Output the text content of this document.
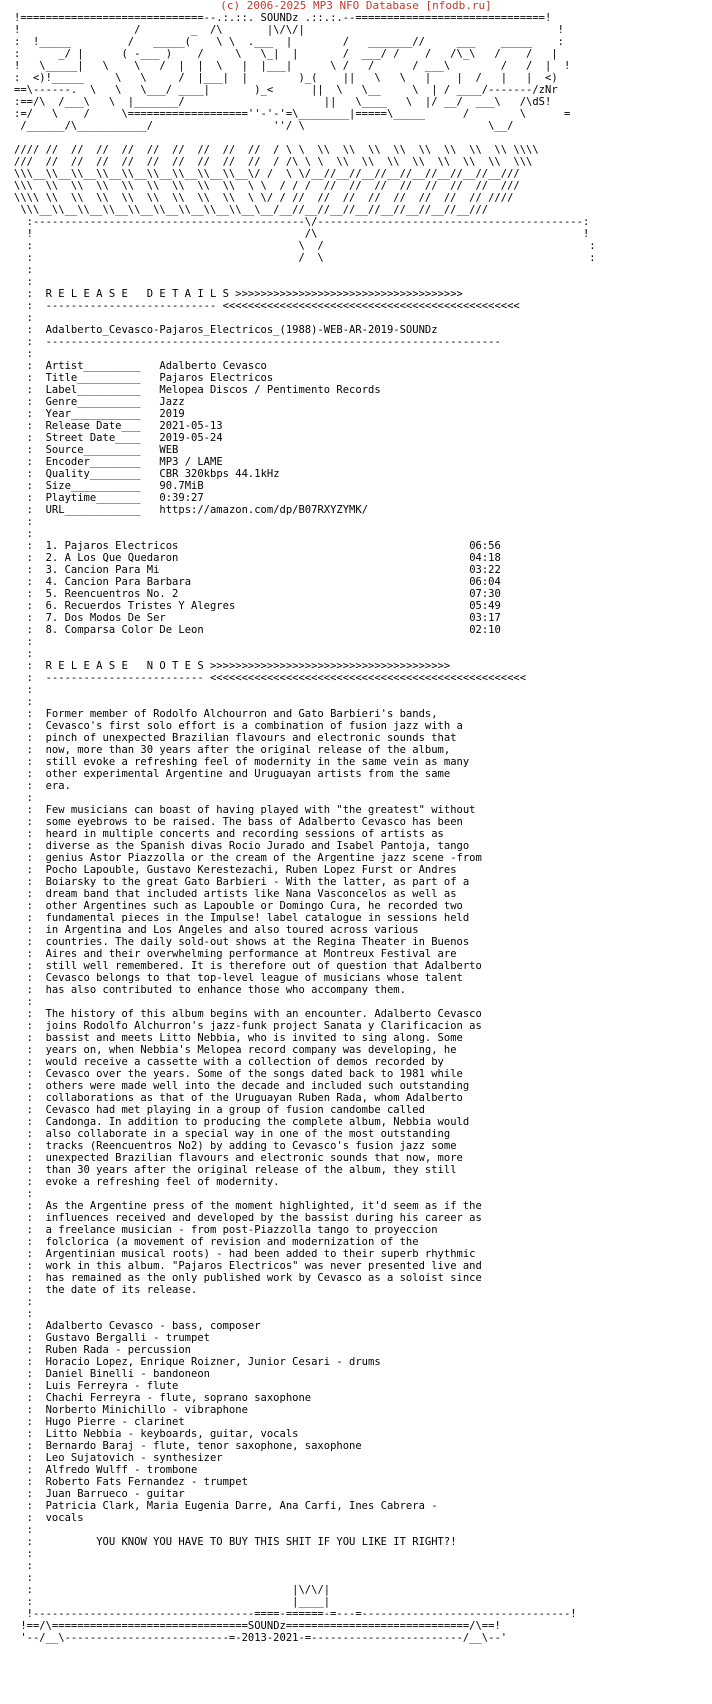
(c) 2006-2025 MP3 NFO Database [nfodb.ru]
!=============================--.:.::. SOUNDz .::.:.--==============================!
!                  /        _  /\       |\/\/|                                        !
:  !_____         /   _____(    \ \  .___  |        /   _______//     ___    _____    :
:      _/ |      ( -___ )    /     \   \_|  |       /  ___/ /    /   /\_\   /    /   |
!   \_____|   \    \   /  |  |  \   |  |___|      \ /   /      / ___\        /   /  |  !
:  <)!_____     \   \     /  |___|  |        )_(    ||   \   \   |    |  /   |   |  <)
==\------.  \   \   \___/ ____|       )_<      ||  \   \__     \  | / ____/-------/zNr
:==/\  /___\   \  |_______/                      ||   \____   \  |/ __/  ___\   /\dS!
:=/   \    /     \===================''-'-'=\________|=====\_____      /        \      =
/______/\___________/                   ''/ \                             \__/

//// //  //  //  //  //  //  //  //  //  / \ \  \\  \\  \\  \\  \\  \\  \\  \\ \\\\
///  //  //  //  //  //  //  //  //  //  / /\ \ \  \\  \\  \\  \\  \\  \\  \\  \\\
\\\__\\__\\__\\__\\__\\__\\__\\__\\__\/ /  \ \/__//__//__//__//__//__//__//__///
\\\  \\  \\  \\  \\  \\  \\  \\  \\  \ \  / / /  //  //  //  //  //  //  //  ///
\\\\ \\  \\  \\  \\  \\  \\  \\  \\  \ \/ / //  //  //  //  //  //  //  // ////
\\\__\\__\\__\\__\\__\\__\\__\\__\\__\__/__//__//__//__//__//__//__//__///
:-------------------------------------------\/------------------------------------------:
!                                           /\                                          !
:                                          \  /                                          :
:                                          /  \                                          :
:
:
:  R E L E A S E   D E T A I L S >>>>>>>>>>>>>>>>>>>>>>>>>>>>>>>>>>>>
:  --------------------------- <<<<<<<<<<<<<<<<<<<<<<<<<<<<<<<<<<<<<<<<<<<<<<<
:
:  Adalberto_Cevasco-Pajaros_Electricos_(1988)-WEB-AR-2019-SOUNDz
:  ------------------------------------------------------------------------
:
:  Artist_________   Adalberto Cevasco
:  Title__________   Pajaros Electricos
:  Label__________   Melopea Discos / Pentimento Records
:  Genre__________   Jazz
:  Year___________   2019
:  Release Date___   2021-05-13
:  Street Date____   2019-05-24
:  Source_________   WEB
:  Encoder________   MP3 / LAME
:  Quality________   CBR 320kbps 44.1kHz
:  Size___________   90.7MiB
:  Playtime_______   0:39:27
:  URL____________   https://amazon.com/dp/B07RXYZYMK/
:
:
:  1. Pajaros Electricos	06:56
:  2. A Los Que Quedaron	04:18
:  3. Cancion Para Mi	03:22
:  4. Cancion Para Barbara	06:04
:  5. Reencuentros No. 2	07:30
:  6. Recuerdos Tristes Y Alegres	05:49
:  7. Dos Modos De Ser	03:17
:  8. Comparsa Color De Leon	02:10
:
:
:  R E L E A S E   N O T E S >>>>>>>>>>>>>>>>>>>>>>>>>>>>>>>>>>>>>>
:  ------------------------- <<<<<<<<<<<<<<<<<<<<<<<<<<<<<<<<<<<<<<<<<<<<<<<<<<
:
:
:  Former member of Rodolfo Alchourron and Gato Barbieri's bands,
:  Cevasco's first solo effort is a combination of fusion jazz with a
:  pinch of unexpected Brazilian flavours and electronic sounds that
:  now, more than 30 years after the original release of the album,
:  still evoke a refreshing feel of modernity in the same vein as many
:  other experimental Argentine and Uruguayan artists from the same
:  era.
:
:  Few musicians can boast of having played with "the greatest" without
:  some eyebrows to be raised. The bass of Adalberto Cevasco has been
:  heard in multiple concerts and recording sessions of artists as
:  diverse as the Spanish divas Rocio Jurado and Isabel Pantoja, tango
:  genius Astor Piazzolla or the cream of the Argentine jazz scene -from
:  Pocho Lapouble, Gustavo Kerestezachi, Ruben Lopez Furst or Andres
:  Boiarsky to the great Gato Barbieri - With the latter, as part of a
:  dream band that included artists like Nana Vasconcelos as well as
:  other Argentines such as Lapouble or Domingo Cura, he recorded two
:  fundamental pieces in the Impulse! label catalogue in sessions held
:  in Argentina and Los Angeles and also toured across various
:  countries. The daily sold-out shows at the Regina Theater in Buenos
:  Aires and their overwhelming performance at Montreux Festival are
:  still well remembered. It is therefore out of question that Adalberto
:  Cevasco belongs to that top-level league of musicians whose talent
:  has also contributed to enhance those who accompany them.
:
:  The history of this album begins with an encounter. Adalberto Cevasco
:  joins Rodolfo Alchurron's jazz-funk project Sanata y Clarificacion as
:  bassist and meets Litto Nebbia, who is invited to sing along. Some
:  years on, when Nebbia's Melopea record company was developing, he
:  would receive a cassette with a collection of demos recorded by
:  Cevasco over the years. Some of the songs dated back to 1981 while
:  others were made well into the decade and included such outstanding
:  collaborations as that of the Uruguayan Ruben Rada, whom Adalberto
:  Cevasco had met playing in a group of fusion candombe called
:  Candonga. In addition to producing the complete album, Nebbia would
:  also collaborate in a special way in one of the most outstanding
:  tracks (Reencuentros No2) by adding to Cevasco's fusion jazz some
:  unexpected Brazilian flavours and electronic sounds that now, more
:  than 30 years after the original release of the album, they still
:  evoke a refreshing feel of modernity.
:
:  As the Argentine press of the moment highlighted, it'd seem as if the
:  influences received and developed by the bassist during his career as
:  a freelance musician - from post-Piazzolla tango to proyeccion
:  folclorica (a movement of revision and modernization of the
:  Argentinian musical roots) - had been added to their superb rhythmic
:  work in this album. "Pajaros Electricos" was never presented live and
:  has remained as the only published work by Cevasco as a soloist since
:  the date of its release.
:
:
:  Adalberto Cevasco - bass, composer
:  Gustavo Bergalli - trumpet
:  Ruben Rada - percussion
:  Horacio Lopez, Enrique Roizner, Junior Cesari - drums
:  Daniel Binelli - bandoneon
:  Luis Ferreyra - flute
:  Chachi Ferreyra - flute, soprano saxophone
:  Norberto Minichillo - vibraphone
:  Hugo Pierre - clarinet
:  Litto Nebbia - keyboards, guitar, vocals
:  Bernardo Baraj - flute, tenor saxophone, saxophone
:  Leo Sujatovich - synthesizer
:  Alfredo Wulff - trombone
:  Roberto Fats Fernandez - trumpet
:  Juan Barrueco - guitar
:  Patricia Clark, Maria Eugenia Darre, Ana Carfi, Ines Cabrera -
:  vocals
:
:          YOU KNOW YOU HAVE TO BUY THIS SHIT IF YOU LIKE IT RIGHT?!
:
:
:
:                                         |\/\/|
:                                         |____|
!-----------------------------------====-======-=---=---------------------------------!
!==/\===============================SOUNDz=============================/\==!
'--/__\--------------------------=-2013-2021-=------------------------/__\--'
